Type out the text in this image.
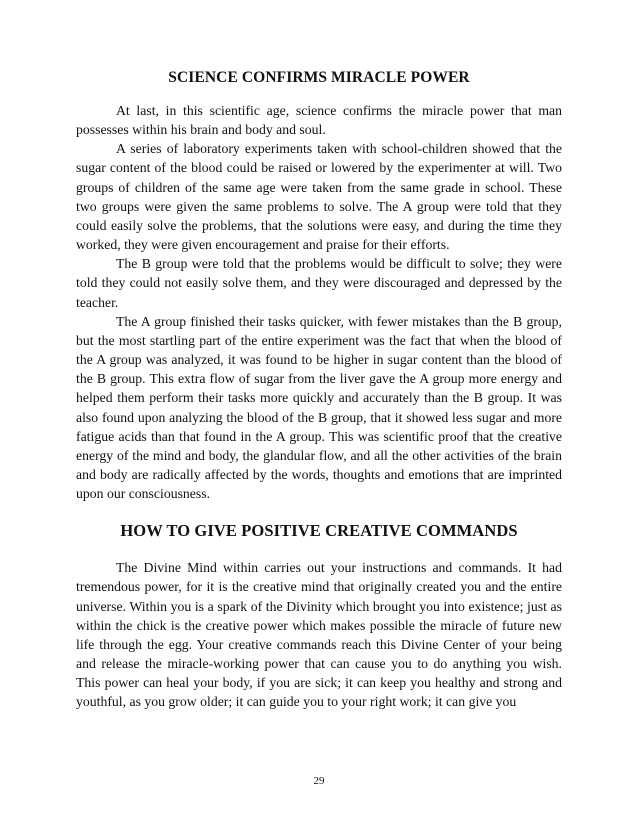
SCIENCE CONFIRMS MIRACLE POWER

At last, in this scientific age, science confirms the miracle power that man possesses within his brain and body and soul.

A series of laboratory experiments taken with school-children showed that the sugar content of the blood could be raised or lowered by the experimenter at will. Two groups of children of the same age were taken from the same grade in school. These two groups were given the same problems to solve. The A group were told that they could easily solve the problems, that the solutions were easy, and during the time they worked, they were given encouragement and praise for their efforts.

The B group were told that the problems would be difficult to solve; they were told they could not easily solve them, and they were discouraged and depressed by the teacher.

The A group finished their tasks quicker, with fewer mistakes than the B group, but the most startling part of the entire experiment was the fact that when the blood of the A group was analyzed, it was found to be higher in sugar content than the blood of the B group. This extra flow of sugar from the liver gave the A group more energy and helped them perform their tasks more quickly and accurately than the B group. It was also found upon analyzing the blood of the B group, that it showed less sugar and more fatigue acids than that found in the A group. This was scientific proof that the creative energy of the mind and body, the glandular flow, and all the other activities of the brain and body are radically affected by the words, thoughts and emotions that are imprinted upon our consciousness.

HOW TO GIVE POSITIVE CREATIVE COMMANDS

The Divine Mind within carries out your instructions and commands. It had tremendous power, for it is the creative mind that originally created you and the entire universe. Within you is a spark of the Divinity which brought you into existence; just as within the chick is the creative power which makes possible the miracle of future new life through the egg. Your creative commands reach this Divine Center of your being and release the miracle-working power that can cause you to do anything you wish. This power can heal your body, if you are sick; it can keep you healthy and strong and youthful, as you grow older; it can guide you to your right work; it can give you

29
